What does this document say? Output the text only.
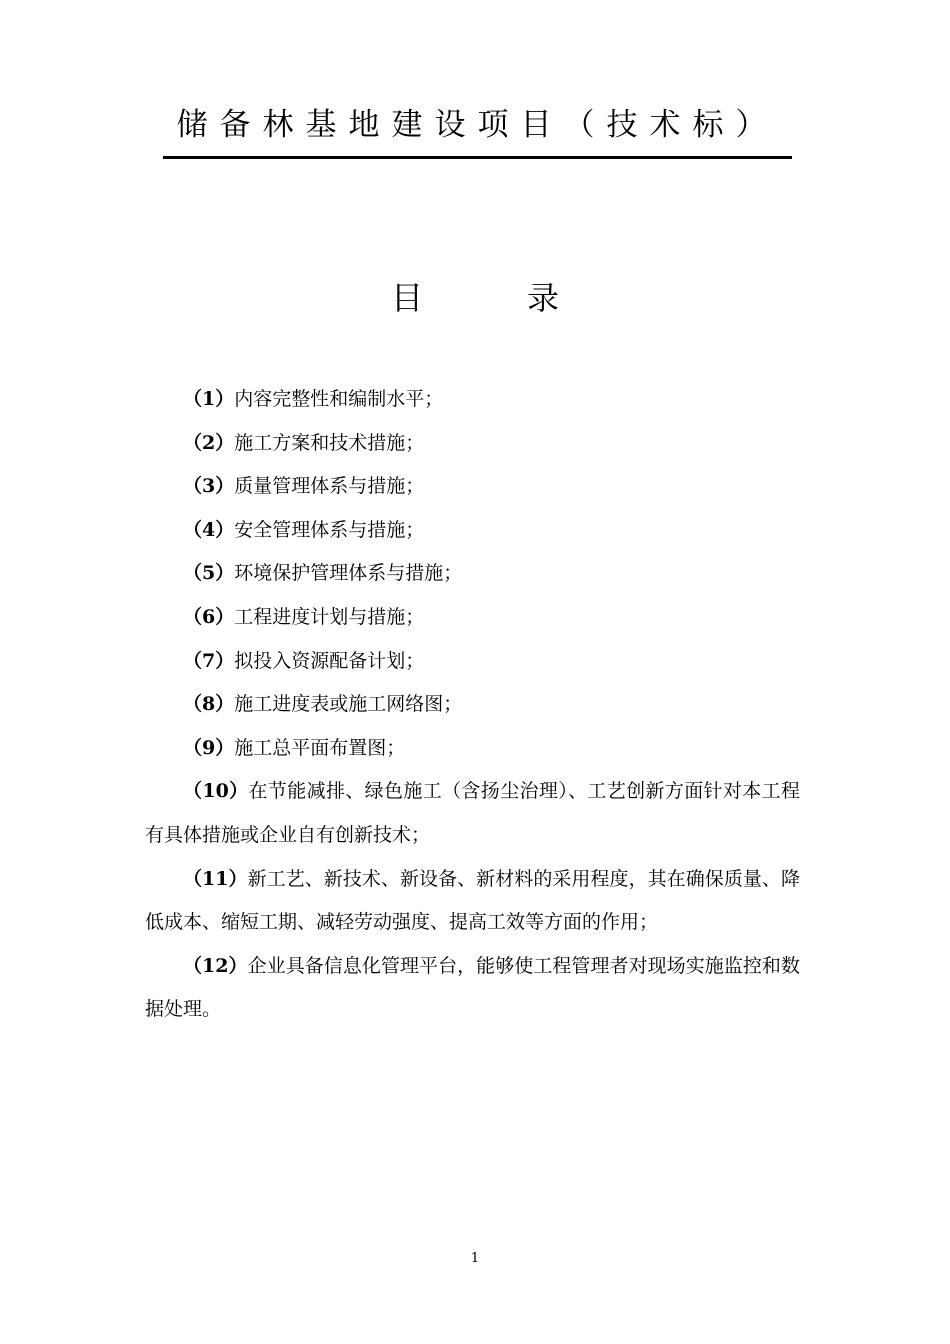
储备林基地建设项目（技术标）
目　录

（1）内容完整性和编制水平；

（2）施工方案和技术措施；

（3）质量管理体系与措施；

（4）安全管理体系与措施；

（5）环境保护管理体系与措施；

（6）工程进度计划与措施；

（7）拟投入资源配备计划；

（8）施工进度表或施工网络图；

（9）施工总平面布置图；

（10）在节能减排、绿色施工（含扬尘治理）、工艺创新方面针对本工程有具体措施或企业自有创新技术；

（11）新工艺、新技术、新设备、新材料的采用程度，其在确保质量、降低成本、缩短工期、减轻劳动强度、提高工效等方面的作用；

（12）企业具备信息化管理平台，能够使工程管理者对现场实施监控和数据处理。

1
